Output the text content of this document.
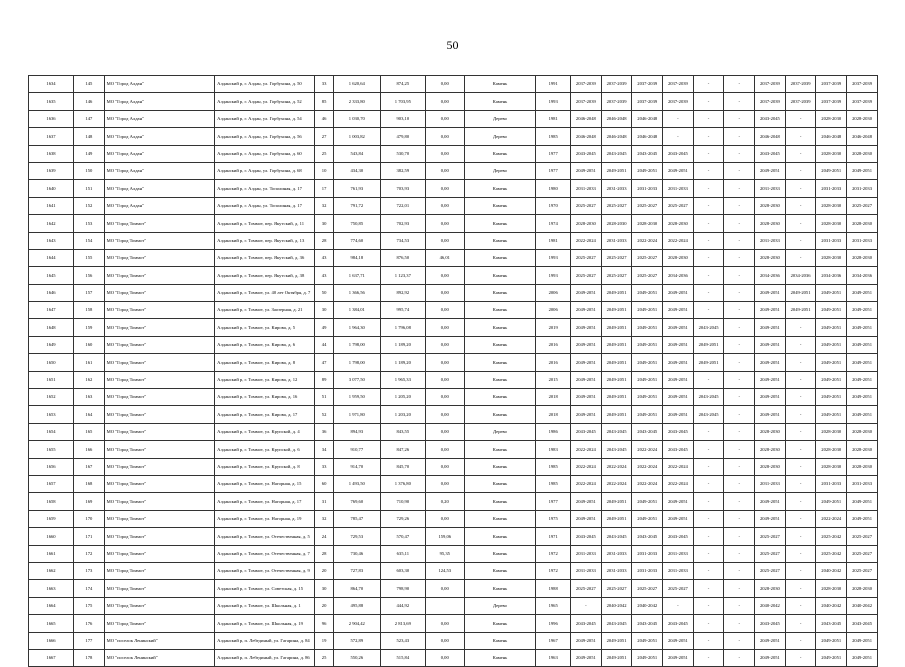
50
1634	145	МО "Город Алдан"	Алданский р, г. Алдан, ул. Горбухина, д. 50	33	1 620,64	874,25	0,00	Камень	1991	2037-2039	2037-2039	2037-2039	2037-2039	-	-	2037-2039	2037-2039	2037-2039	2037-2039
1635	146	МО "Город Алдан"	Алданский р, г. Алдан, ул. Горбухина, д. 52	85	2 333,80	1 703,95	0,00	Камень	1993	2037-2039	2037-2039	2037-2039	2037-2039	-	-	2037-2039	2037-2039	2037-2039	2037-2039
1636	147	МО "Город Алдан"	Алданский р, г. Алдан, ул. Горбухина, д. 54	46	1 030,70	903,10	0,00	Дерево	1981	2046-2048	2046-2048	2046-2048	-	-	-	2043-2045	-	2028-2030	2028-2030
1637	148	МО "Город Алдан"	Алданский р, г. Алдан, ул. Горбухина, д. 56	27	1 003,82	479,80	0,00	Дерево	1985	2046-2048	2046-2048	2046-2048	-	-	-	2046-2048	-	2046-2048	2046-2048
1638	149	МО "Город Алдан"	Алданский р, г. Алдан, ул. Горбухина, д. 60	25	543,84	530,70	0,00	Камень	1977	2043-2045	2043-2045	2043-2045	2043-2045	-	-	2043-2045	-	2028-2030	2028-2030
1639	150	МО "Город Алдан"	Алданский р, г. Алдан, ул. Горбухина, д. 68	10	434,30	382,59	0,00	Дерево	1977	2049-2051	2049-2051	2049-2051	2049-2051	-	-	2049-2051	-	2049-2051	2049-2051
1640	151	МО "Город Алдан"	Алданский р, г. Алдан, ул. Тополиная, д. 17	17	761,93	703,93	0,00	Камень	1980	2031-2033	2031-2033	2031-2033	2031-2033	-	-	2031-2033	-	2031-2033	2031-2033
1641	152	МО "Город Алдан"	Алданский р, г. Алдан, ул. Тополиная, д. 17	32	791,72	722,01	0,00	Камень	1970	2025-2027	2025-2027	2025-2027	2025-2027	-	-	2028-2030	-	2028-2030	2025-2027
1642	153	МО "Город Томмот"	Алданский р, г. Томмот, пер. Якутский, д. 11	30	750,85	702,93	0,00	Камень	1974	2028-2030	2028-2030	2028-2030	2028-2030	-	-	2028-2030	-	2028-2030	2028-2030
1643	154	МО "Город Томмот"	Алданский р, г. Томмот, пер. Якутский, д. 13	28	774,60	734,53	0,00	Камень	1981	2022-2024	2031-2033	2022-2024	2022-2024	-	-	2031-2033	-	2031-2033	2031-2033
1644	155	МО "Город Томмот"	Алданский р, г. Томмот, пер. Якутский, д. 36	43	984,18	876,50	46,01	Камень	1993	2025-2027	2025-2027	2025-2027	2028-2030	-	-	2028-2030	-	2028-2030	2028-2030
1645	156	МО "Город Томмот"	Алданский р, г. Томмот, пер. Якутский, д. 38	43	1 637,71	1 123,37	0,00	Камень	1993	2025-2027	2025-2027	2025-2027	2034-2036	-	-	2034-2036	2034-2036	2034-2036	2034-2036
1646	157	МО "Город Томмот"	Алданский р, г. Томмот, ул. 40 лет Октября, д. 7	50	1 366,56	892,92	0,00	Камень	2006	2049-2051	2049-2051	2049-2051	2049-2051	-	-	2049-2051	2049-2051	2049-2051	2049-2051
1647	158	МО "Город Томмот"	Алданский р, г. Томмот, ул. Заозерная, д. 21	30	1 384,01	995,74	0,00	Камень	2006	2049-2051	2049-2051	2049-2051	2049-2051	-	-	2049-2051	2049-2051	2049-2051	2049-2051
1648	159	МО "Город Томмот"	Алданский р, г. Томмот, ул. Кирова, д. 5	49	1 964,30	1 796,08	0,00	Камень	2019	2049-2051	2049-2051	2049-2051	2049-2051	2043-2045	-	2049-2051	-	2049-2051	2049-2051
1649	160	МО "Город Томмот"	Алданский р, г. Томмот, ул. Кирова, д. 6	44	1 798,00	1 189,20	0,00	Камень	2016	2049-2051	2049-2051	2049-2051	2049-2051	2049-2051	-	2049-2051	-	2049-2051	2049-2051
1650	161	МО "Город Томмот"	Алданский р, г. Томмот, ул. Кирова, д. 8	47	1 798,00	1 189,20	0,00	Камень	2016	2049-2051	2049-2051	2049-2051	2049-2051	2049-2051	-	2049-2051	-	2049-2051	2049-2051
1651	162	МО "Город Томмот"	Алданский р, г. Томмот, ул. Кирова, д. 12	89	3 077,50	1 965,33	0,00	Камень	2015	2049-2051	2049-2051	2049-2051	2049-2051	-	-	2049-2051	-	2049-2051	2049-2051
1652	163	МО "Город Томмот"	Алданский р, г. Томмот, ул. Кирова, д. 16	51	1 959,50	1 205,20	0,00	Камень	2018	2049-2051	2049-2051	2049-2051	2049-2051	2043-2045	-	2049-2051	-	2049-2051	2049-2051
1653	164	МО "Город Томмот"	Алданский р, г. Томмот, ул. Кирова, д. 17	52	1 971,80	1 203,20	0,00	Камень	2018	2049-2051	2049-2051	2049-2051	2049-2051	2043-2045	-	2049-2051	-	2049-2051	2049-2051
1654	165	МО "Город Томмот"	Алданский р, г. Томмот, ул. Крупской, д. 4	36	894,93	843,55	0,00	Дерево	1986	2043-2045	2043-2045	2043-2045	2043-2045	-	-	2028-2030	-	2028-2030	2028-2030
1655	166	МО "Город Томмот"	Алданский р, г. Томмот, ул. Крупской, д. 6	34	910,77	847,26	0,00	Камень	1983	2022-2024	2043-2045	2022-2024	2043-2045	-	-	2028-2030	-	2028-2030	2028-2030
1656	167	МО "Город Томмот"	Алданский р, г. Томмот, ул. Крупской, д. 8	33	914,70	845,70	0,00	Камень	1985	2022-2024	2022-2024	2022-2024	2022-2024	-	-	2028-2030	-	2028-2030	2028-2030
1657	168	МО "Город Томмот"	Алданский р, г. Томмот, ул. Нагорная, д. 15	60	1 493,50	1 376,80	0,00	Камень	1985	2022-2024	2022-2024	2022-2024	2022-2024	-	-	2031-2033	-	2031-2033	2031-2033
1658	169	МО "Город Томмот"	Алданский р, г. Томмот, ул. Нагорная, д. 17	31	769,60	710,90	0,20	Камень	1977	2049-2051	2049-2051	2049-2051	2049-2051	-	-	2049-2051	-	2049-2051	2049-2051
1659	170	МО "Город Томмот"	Алданский р, г. Томмот, ул. Нагорная, д. 19	32	785,47	729,26	0,00	Камень	1975	2049-2051	2049-2051	2049-2051	2049-2051	-	-	2049-2051	-	2022-2024	2049-2051
1660	171	МО "Город Томмот"	Алданский р, г. Томмот, ул. Отечественная, д. 5	24	729,53	570,47	159,06	Камень	1971	2043-2045	2043-2045	2043-2045	2043-2045	-	-	2025-2027	-	2025-2042	2025-2027
1661	172	МО "Город Томмот"	Алданский р, г. Томмот, ул. Отечественная, д. 7	28	730,46	635,11	95,35	Камень	1972	2031-2033	2031-2033	2031-2033	2031-2033	-	-	2025-2027	-	2025-2042	2025-2027
1662	173	МО "Город Томмот"	Алданский р, г. Томмот, ул. Отечественная, д. 9	20	727,83	603,30	124,53	Камень	1972	2031-2033	2031-2033	2031-2033	2031-2033	-	-	2025-2027	-	2040-2042	2025-2027
1663	174	МО "Город Томмот"	Алданский р, г. Томмот, ул. Советская, д. 15	30	864,70	798,90	0,00	Камень	1988	2025-2027	2025-2027	2025-2027	2025-2027	-	-	2028-2030	-	2028-2030	2028-2030
1664	175	МО "Город Томмот"	Алданский р, г. Томмот, ул. Школьная, д. 1	20	495,88	444,92		Дерево	1965	-	2040-2042	2040-2042	-	-	-	2040-2042	-	2040-2042	2040-2042
1665	176	МО "Город Томмот"	Алданский р, г. Томмот, ул. Школьная, д. 19	96	2 904,42	2 813,69	0,00	Камень	1996	2043-2045	2043-2045	2043-2045	2043-2045	-	-	2043-2045	-	2043-2045	2043-2045
1666	177	МО "поселок Ленинский"	Алданский р, п. Лебединый, ул. Гагарина, д. 84	19	572,89	523,43	0,00	Камень	1967	2049-2051	2049-2051	2049-2051	2049-2051	-	-	2049-2051	-	2049-2051	2049-2051
1667	178	МО "поселок Ленинский"	Алданский р, п. Лебединый, ул. Гагарина, д. 86	25	550,26	515,84	0,00	Камень	1963	2049-2051	2049-2051	2049-2051	2049-2051	-	-	2049-2051	-	2049-2051	2049-2051
